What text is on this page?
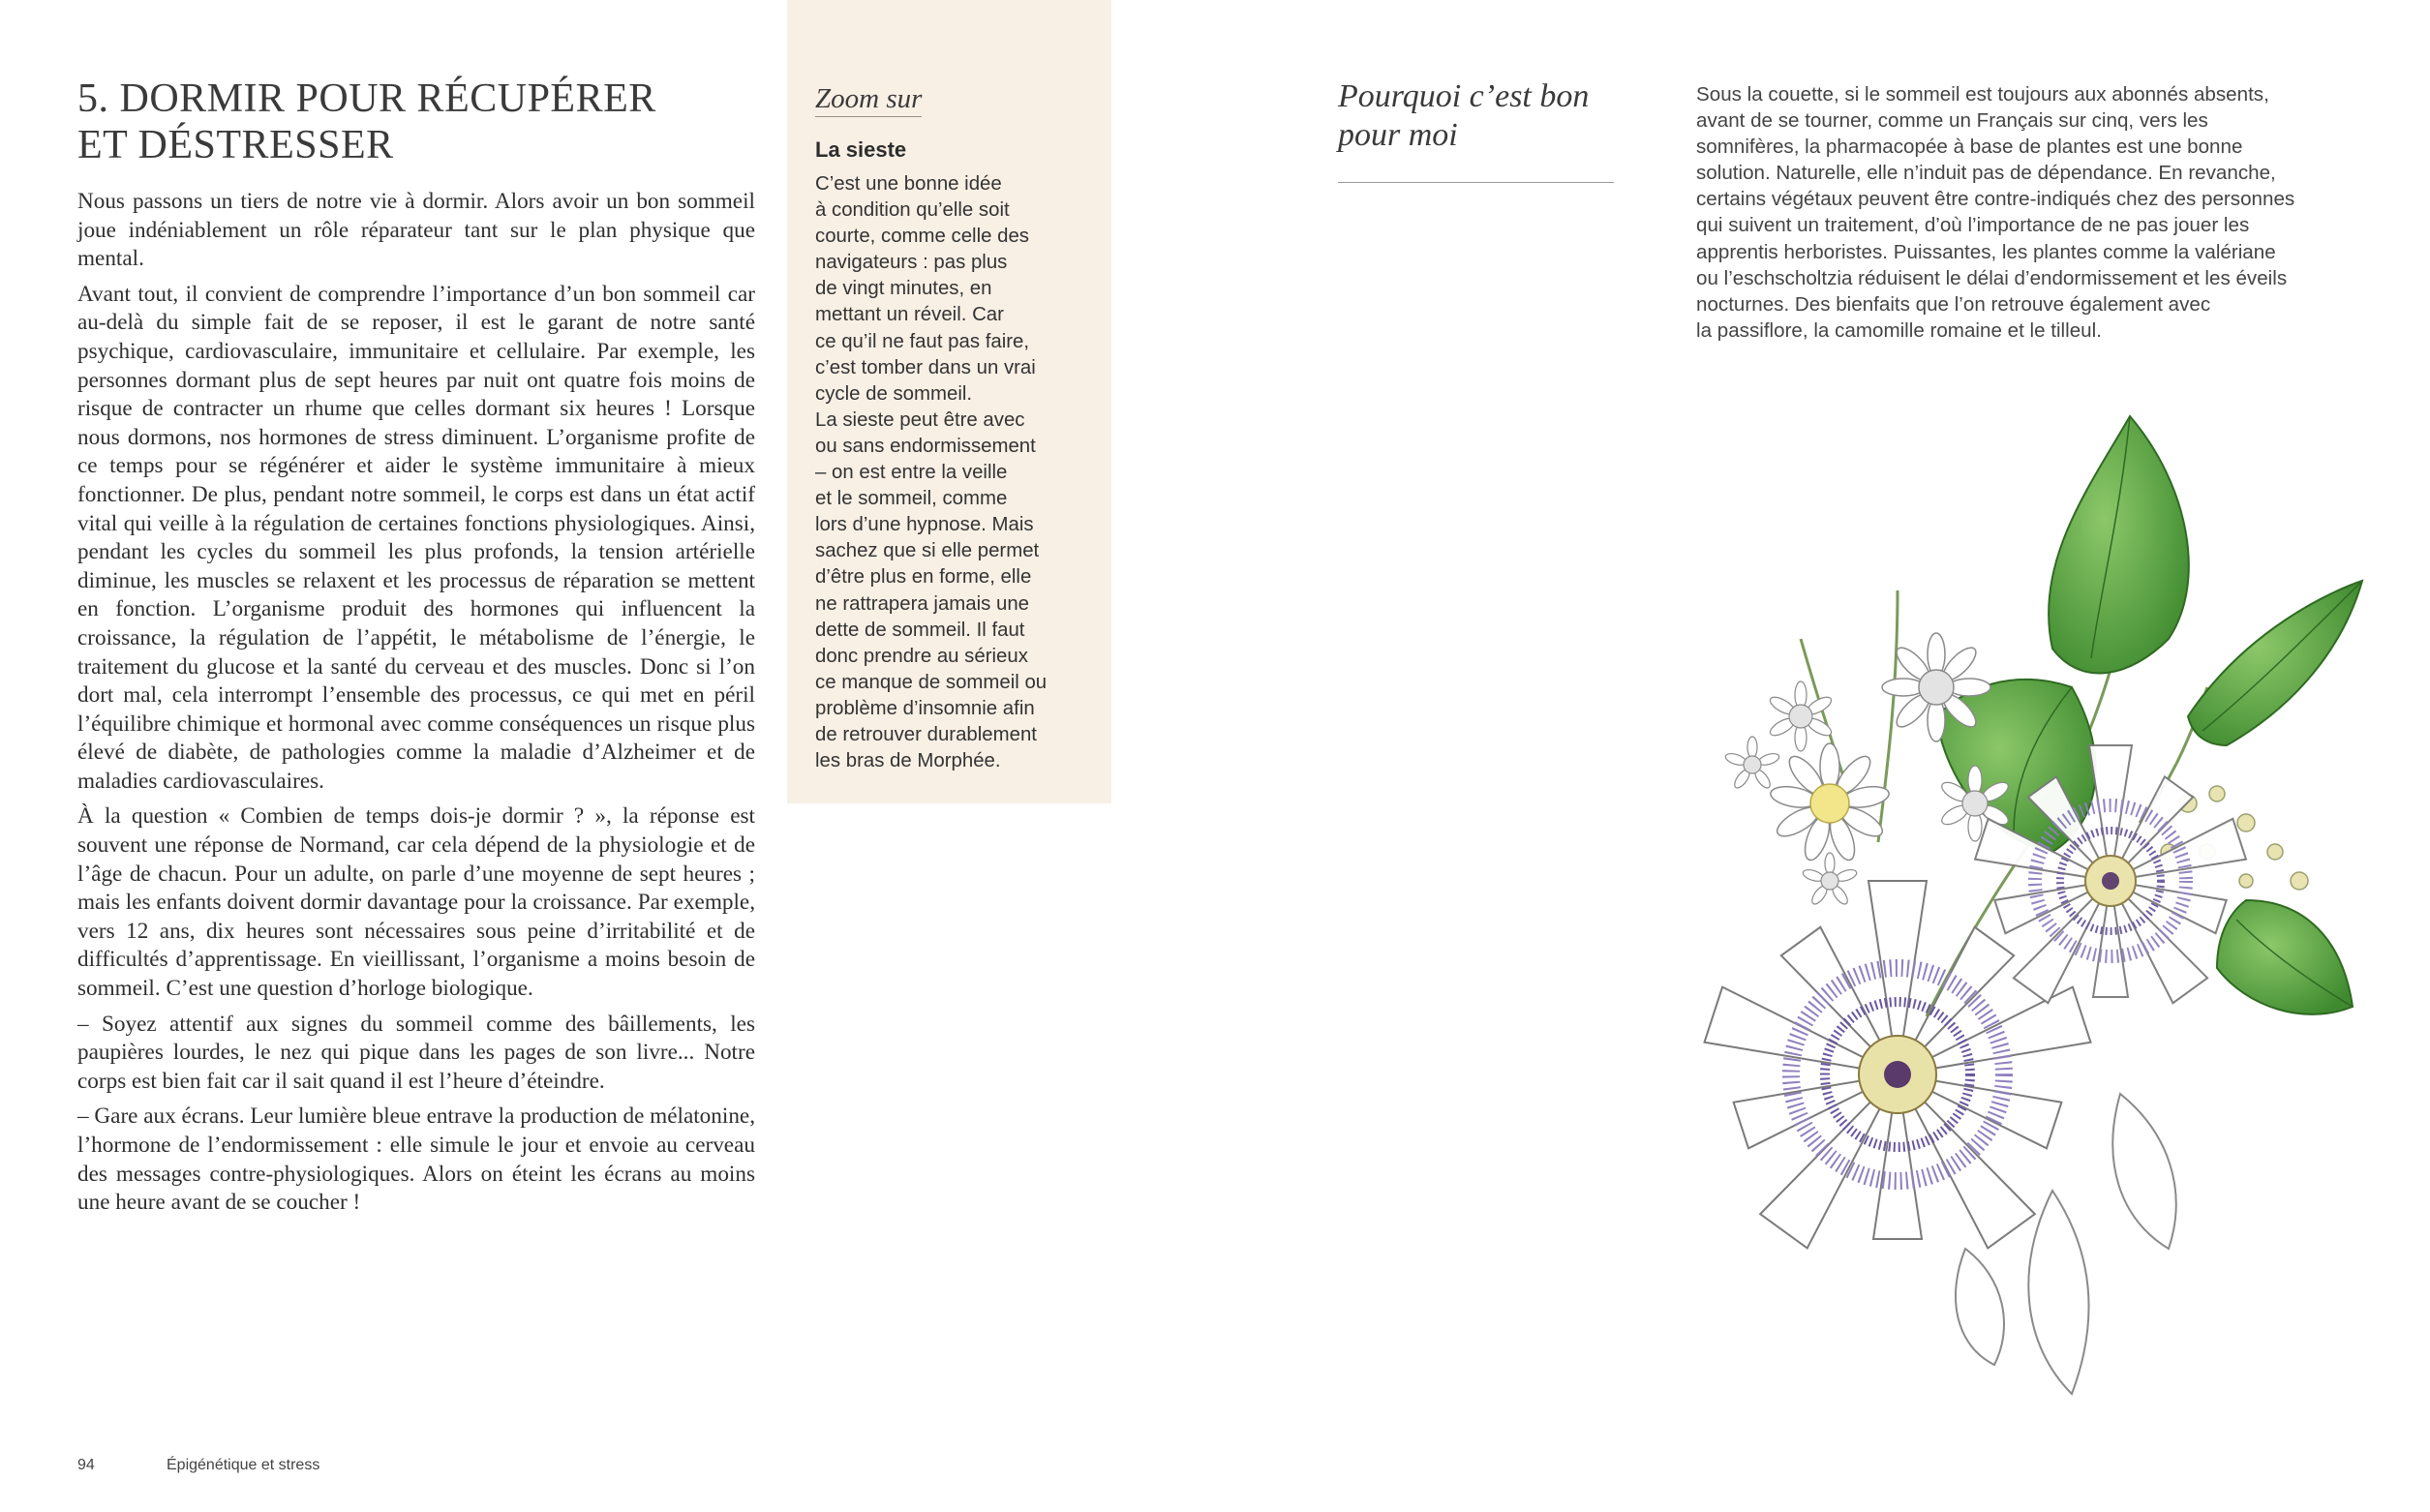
5. DORMIR POUR RÉCUPÉRER
ET DÉSTRESSER

Nous passons un tiers de notre vie à dormir. Alors avoir un bon sommeil joue indéniablement un rôle réparateur tant sur le plan physique que mental.

Avant tout, il convient de comprendre l’importance d’un bon sommeil car au-delà du simple fait de se reposer, il est le garant de notre santé psychique, cardiovasculaire, immunitaire et cellulaire. Par exemple, les personnes dormant plus de sept heures par nuit ont quatre fois moins de risque de contracter un rhume que celles dormant six heures ! Lorsque nous dormons, nos hormones de stress diminuent. L’organisme profite de ce temps pour se régénérer et aider le système immunitaire à mieux fonctionner. De plus, pendant notre sommeil, le corps est dans un état actif vital qui veille à la régulation de certaines fonctions physiologiques. Ainsi, pendant les cycles du sommeil les plus profonds, la tension artérielle diminue, les muscles se relaxent et les processus de réparation se mettent en fonction. L’organisme produit des hormones qui influencent la croissance, la régulation de l’appétit, le métabolisme de l’énergie, le traitement du glucose et la santé du cerveau et des muscles. Donc si l’on dort mal, cela interrompt l’ensemble des processus, ce qui met en péril l’équilibre chimique et hormonal avec comme conséquences un risque plus élevé de diabète, de pathologies comme la maladie d’Alzheimer et de maladies cardiovasculaires.

À la question « Combien de temps dois-je dormir ? », la réponse est souvent une réponse de Normand, car cela dépend de la physiologie et de l’âge de chacun. Pour un adulte, on parle d’une moyenne de sept heures ; mais les enfants doivent dormir davantage pour la croissance. Par exemple, vers 12 ans, dix heures sont nécessaires sous peine d’irritabilité et de difficultés d’apprentissage. En vieillissant, l’organisme a moins besoin de sommeil. C’est une question d’horloge biologique.

– Soyez attentif aux signes du sommeil comme des bâillements, les paupières lourdes, le nez qui pique dans les pages de son livre... Notre corps est bien fait car il sait quand il est l’heure d’éteindre.

– Gare aux écrans. Leur lumière bleue entrave la production de mélatonine, l’hormone de l’endormissement : elle simule le jour et envoie au cerveau des messages contre-physiologiques. Alors on éteint les écrans au moins une heure avant de se coucher !

Zoom sur
La sieste
C’est une bonne idée
à condition qu’elle soit
courte, comme celle des
navigateurs : pas plus
de vingt minutes, en
mettant un réveil. Car
ce qu’il ne faut pas faire,
c’est tomber dans un vrai
cycle de sommeil.
La sieste peut être avec
ou sans endormissement
– on est entre la veille
et le sommeil, comme
lors d’une hypnose. Mais
sachez que si elle permet
d’être plus en forme, elle
ne rattrapera jamais une
dette de sommeil. Il faut
donc prendre au sérieux
ce manque de sommeil ou
problème d’insomnie afin
de retrouver durablement
les bras de Morphée.
Pourquoi c’est bon
pour moi
Sous la couette, si le sommeil est toujours aux abonnés absents,
avant de se tourner, comme un Français sur cinq, vers les
somnifères, la pharmacopée à base de plantes est une bonne
solution. Naturelle, elle n’induit pas de dépendance. En revanche,
certains végétaux peuvent être contre-indiqués chez des personnes
qui suivent un traitement, d’où l’importance de ne pas jouer les
apprentis herboristes. Puissantes, les plantes comme la valériane
ou l’eschscholtzia réduisent le délai d’endormissement et les éveils
nocturnes. Des bienfaits que l’on retrouve également avec
la passiflore, la camomille romaine et le tilleul.
94	Épigénétique et stress
